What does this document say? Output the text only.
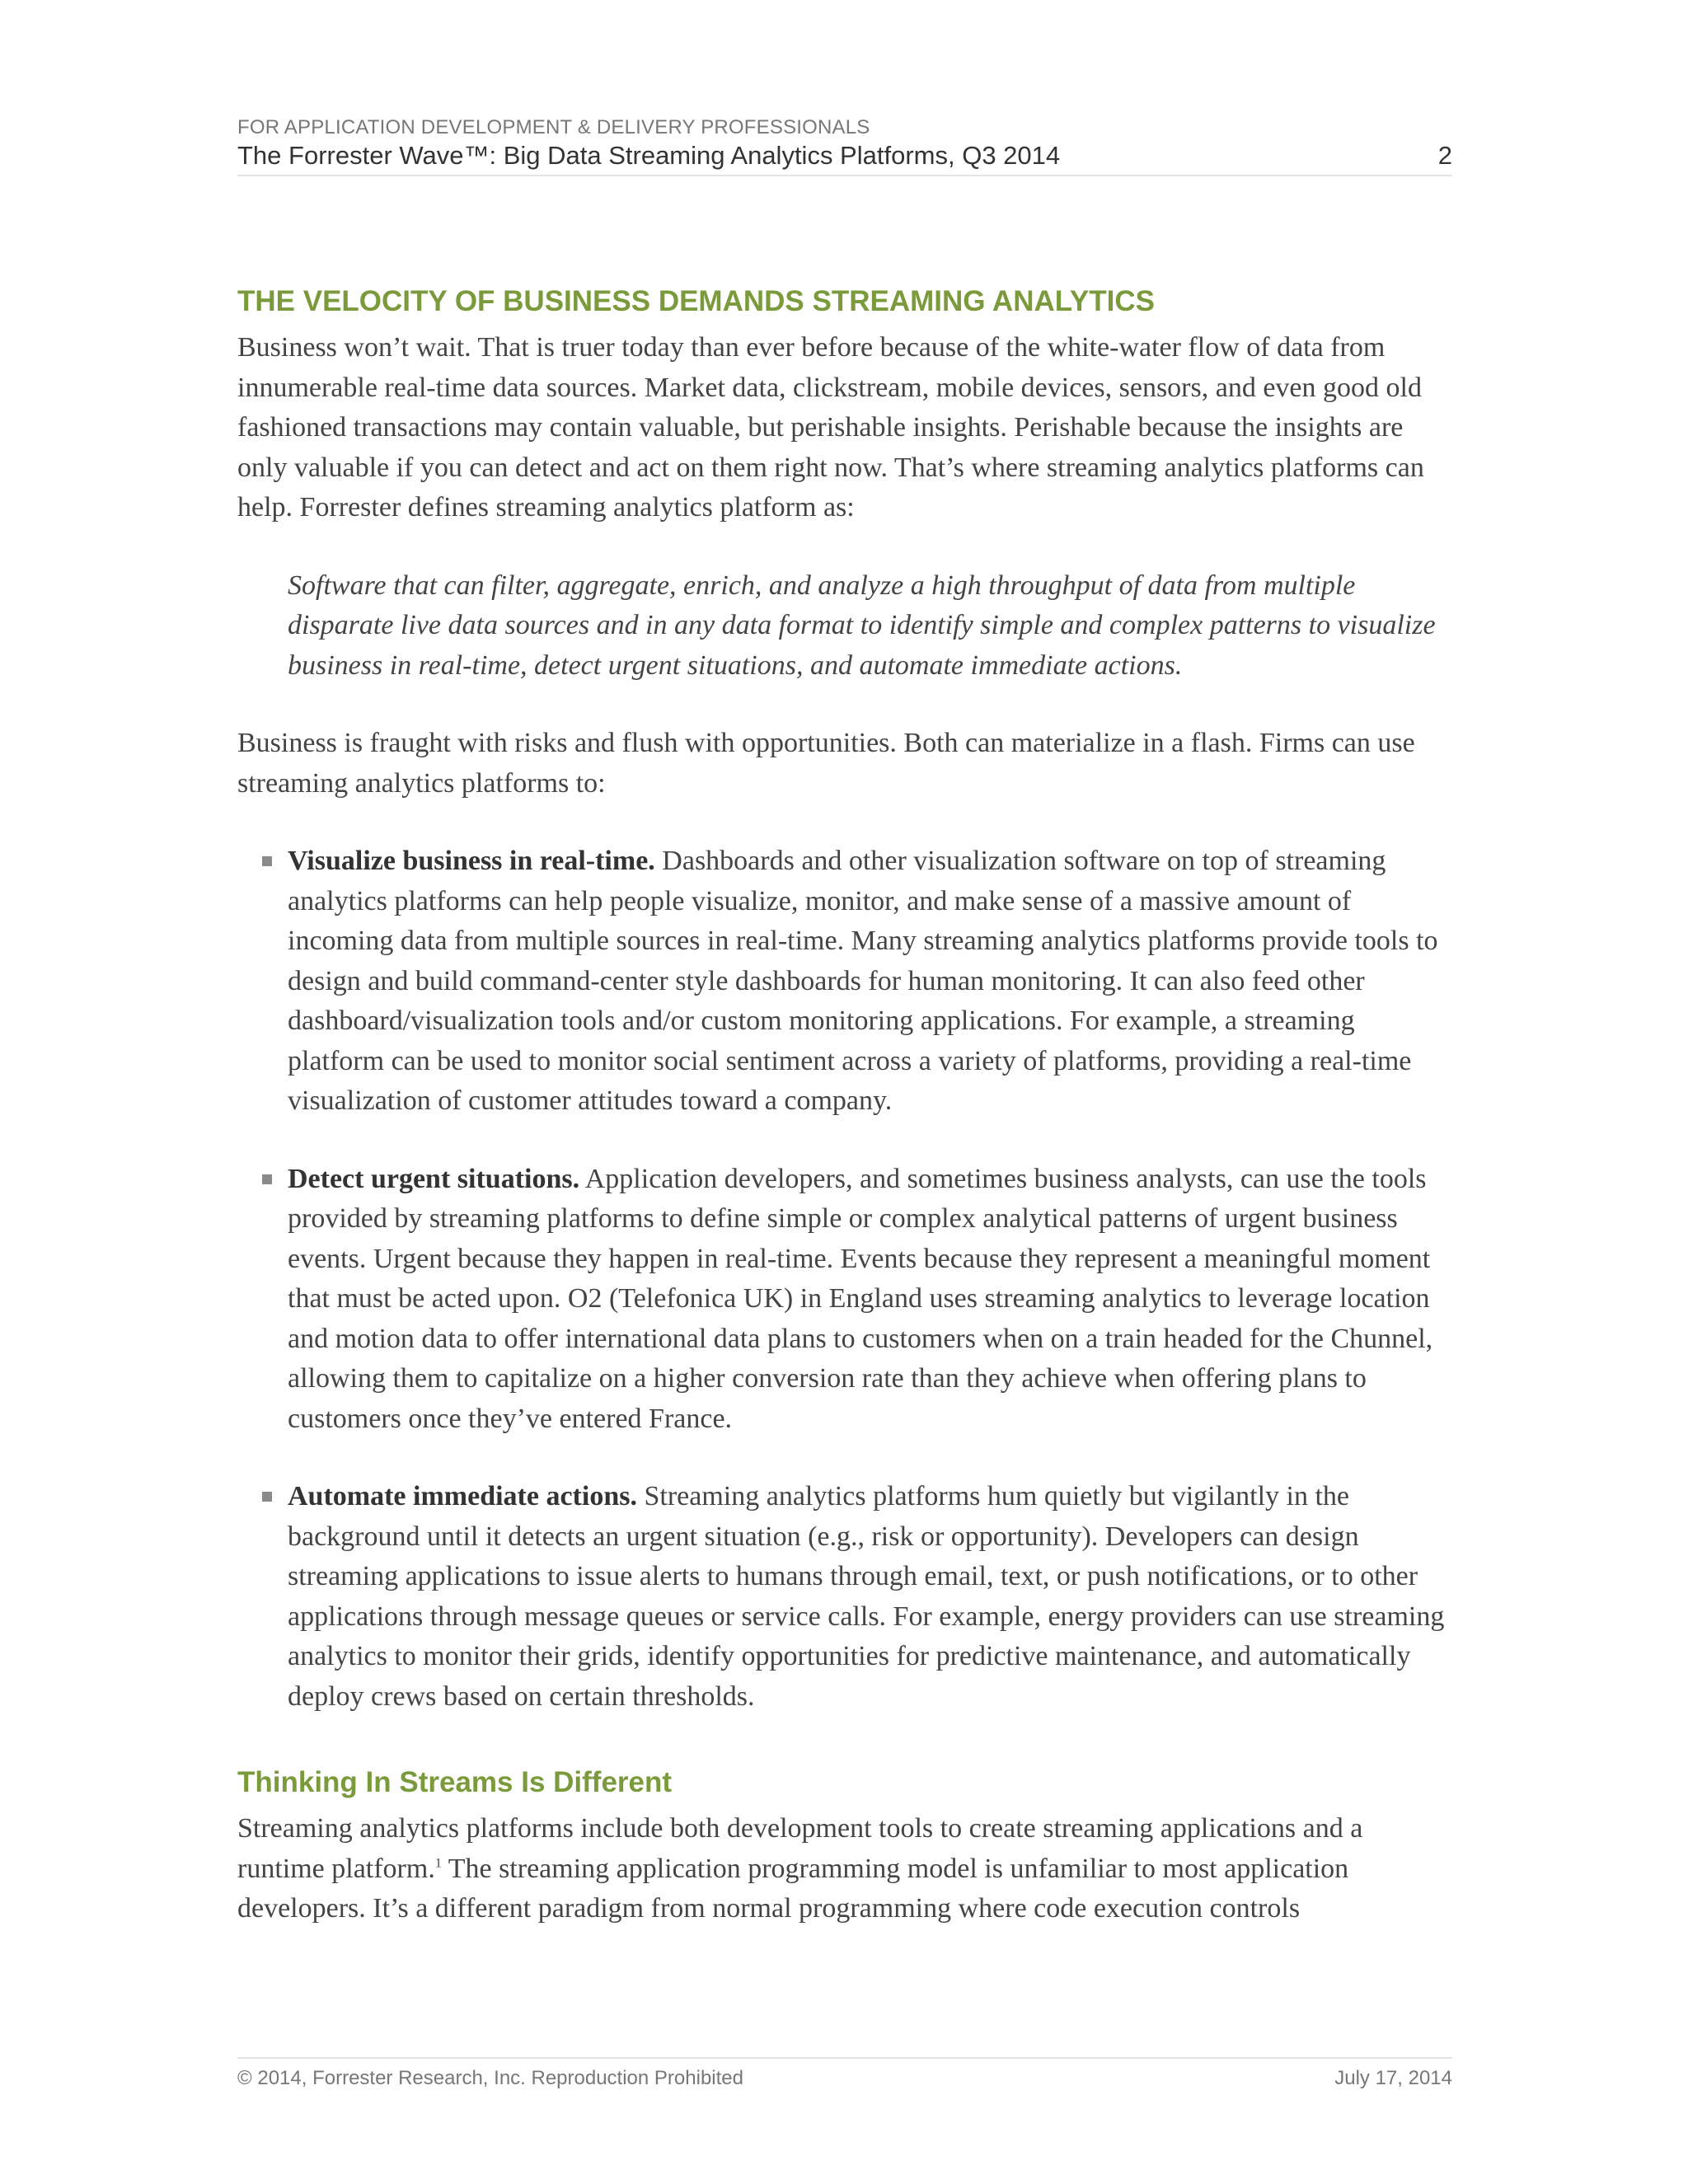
FOR APPLICATION DEVELOPMENT & DELIVERY PROFESSIONALS
The Forrester Wave™: Big Data Streaming Analytics Platforms, Q3 2014	2
THE VELOCITY OF BUSINESS DEMANDS STREAMING ANALYTICS

Business won’t wait. That is truer today than ever before because of the white-water flow of data from innumerable real-time data sources. Market data, clickstream, mobile devices, sensors, and even good old fashioned transactions may contain valuable, but perishable insights. Perishable because the insights are only valuable if you can detect and act on them right now. That’s where streaming analytics platforms can help. Forrester defines streaming analytics platform as:

Software that can filter, aggregate, enrich, and analyze a high throughput of data from multiple disparate live data sources and in any data format to identify simple and complex patterns to visualize business in real-time, detect urgent situations, and automate immediate actions.

Business is fraught with risks and flush with opportunities. Both can materialize in a flash. Firms can use streaming analytics platforms to:

Visualize business in real-time. Dashboards and other visualization software on top of streaming analytics platforms can help people visualize, monitor, and make sense of a massive amount of incoming data from multiple sources in real-time. Many streaming analytics platforms provide tools to design and build command-center style dashboards for human monitoring. It can also feed other dashboard/visualization tools and/or custom monitoring applications. For example, a streaming platform can be used to monitor social sentiment across a variety of platforms, providing a real-time visualization of customer attitudes toward a company.
Detect urgent situations. Application developers, and sometimes business analysts, can use the tools provided by streaming platforms to define simple or complex analytical patterns of urgent business events. Urgent because they happen in real-time. Events because they represent a meaningful moment that must be acted upon. O2 (Telefonica UK) in England uses streaming analytics to leverage location and motion data to offer international data plans to customers when on a train headed for the Chunnel, allowing them to capitalize on a higher conversion rate than they achieve when offering plans to customers once they’ve entered France.
Automate immediate actions. Streaming analytics platforms hum quietly but vigilantly in the background until it detects an urgent situation (e.g., risk or opportunity). Developers can design streaming applications to issue alerts to humans through email, text, or push notifications, or to other applications through message queues or service calls. For example, energy providers can use streaming analytics to monitor their grids, identify opportunities for predictive maintenance, and automatically deploy crews based on certain thresholds.
Thinking In Streams Is Different

Streaming analytics platforms include both development tools to create streaming applications and a runtime platform.$^1$ The streaming application programming model is unfamiliar to most application developers. It’s a different paradigm from normal programming where code execution controls

© 2014, Forrester Research, Inc. Reproduction Prohibited	July 17, 2014
